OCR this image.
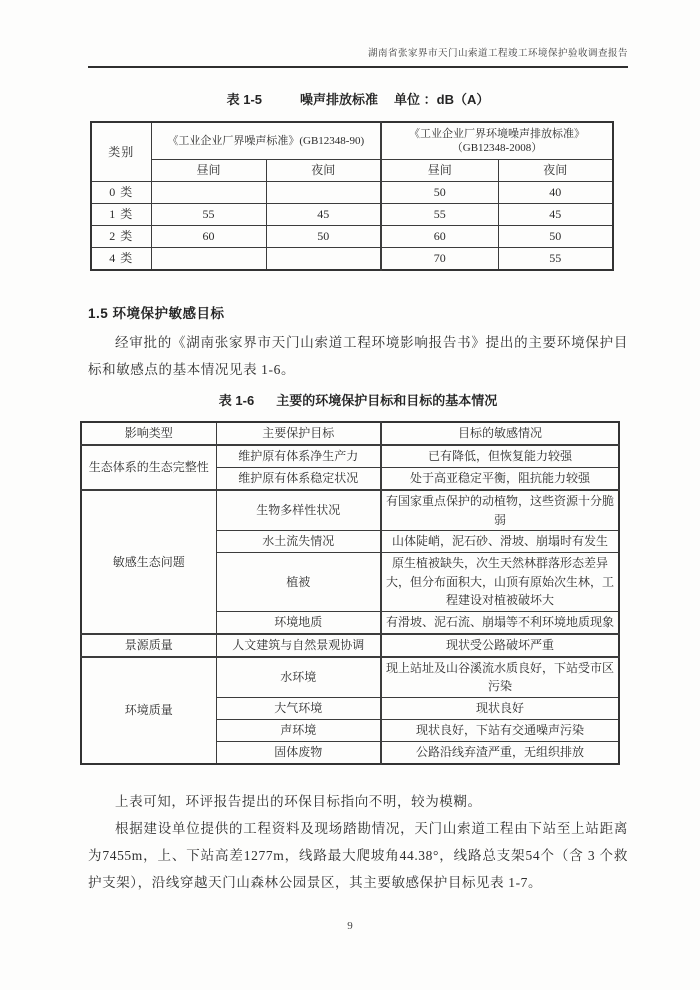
湖南省张家界市天门山索道工程竣工环境保护验收调查报告
表 1-5	噪声排放标准 单位 ：dB（A）
类别	《工业企业厂界噪声标准》(GB12348-90)		《工业企业厂界环境噪声排放标准》
（GB12348-2008）	

	昼间	夜间	昼间	夜间
0 类			50	40
1 类	55	45	55	45
2 类	60	50	60	50
4 类			70	55
1.5 环境保护敏感目标
经审批的《湖南张家界市天门山索道工程环境影响报告书》提出的主要环境保护目标和敏感点的基本情况见表 1-6。
表 1-6 主要的环境保护目标和目标的基本情况
影响类型	主要保护目标	目标的敏感情况
生态体系的生态完整性	维护原有体系净生产力	已有降低，但恢复能力较强
	维护原有体系稳定状况	处于高亚稳定平衡，阻抗能力较强
敏感生态问题	生物多样性状况	有国家重点保护的动植物，这些资源十分脆弱
	水土流失情况	山体陡峭，泥石砂、滑坡、崩塌时有发生
	植被	原生植被缺失，次生天然林群落形态差异大，但分布面积大，山顶有原始次生林，工程建设对植被破坏大
	环境地质	有滑坡、泥石流、崩塌等不利环境地质现象
景源质量	人文建筑与自然景观协调	现状受公路破坏严重
环境质量	水环境	现上站址及山谷溪流水质良好，下站受市区污染
	大气环境	现状良好
	声环境	现状良好，下站有交通噪声污染
	固体废物	公路沿线弃渣严重，无组织排放
上表可知，环评报告提出的环保目标指向不明，较为模糊。
根据建设单位提供的工程资料及现场踏勘情况，天门山索道工程由下站至上站距离为7455m，上、下站高差1277m，线路最大爬坡角44.38°，线路总支架54个（含 3 个救护支架），沿线穿越天门山森林公园景区，其主要敏感保护目标见表 1-7。
9
